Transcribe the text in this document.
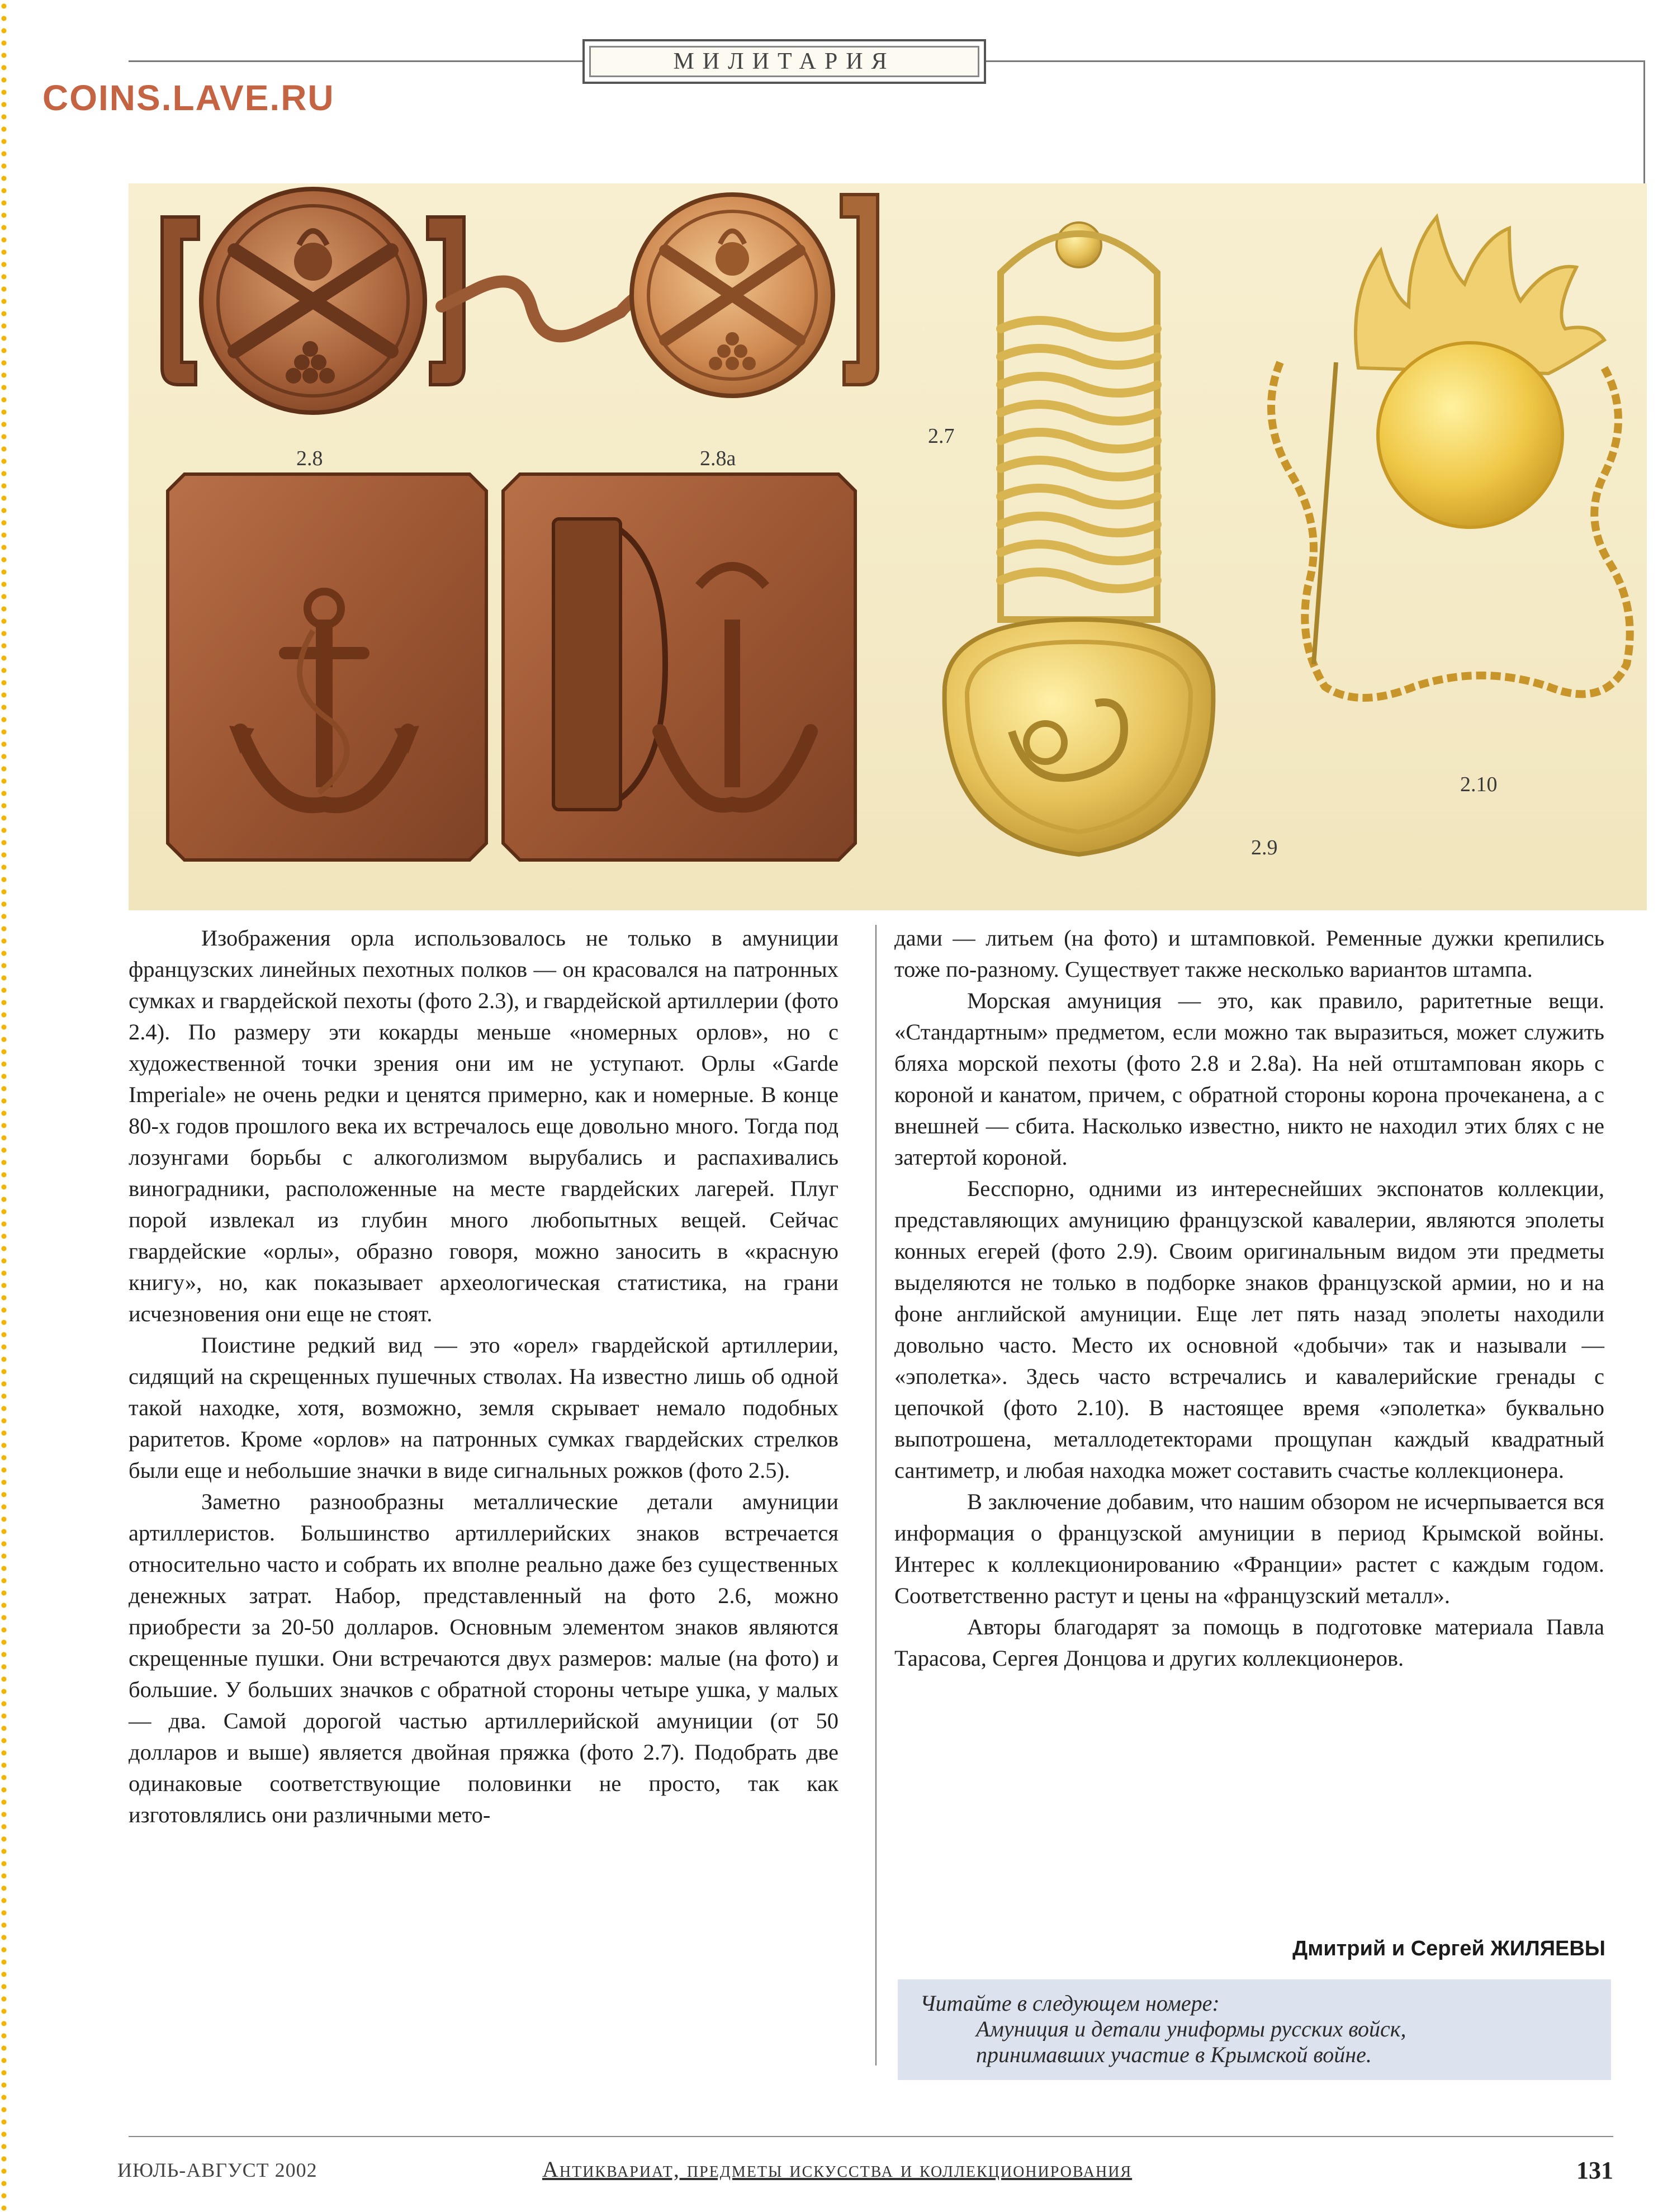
COINS.LAVE.RU
МИЛИТАРИЯ
2.7
2.8	2.8а
2.9
2.10

Изображения орла использовалось не только в амуниции французских линейных пехотных полков — он красовался на патронных сумках и гвардейской пехоты (фото 2.3), и гвардейской артиллерии (фото 2.4). По размеру эти кокарды меньше «номерных орлов», но с художественной точки зрения они им не уступают. Орлы «Garde Imperiale» не очень редки и ценятся примерно, как и номерные. В конце 80-х годов прошлого века их встречалось еще довольно много. Тогда под лозунгами борьбы с алкоголизмом вырубались и распахивались виноградники, расположенные на месте гвардейских лагерей. Плуг порой извлекал из глубин много любопытных вещей. Сейчас гвардейские «орлы», образно говоря, можно заносить в «красную книгу», но, как показывает археологическая статистика, на грани исчезновения они еще не стоят.

Поистине редкий вид — это «орел» гвардейской артиллерии, сидящий на скрещенных пушечных стволах. На известно лишь об одной такой находке, хотя, возможно, земля скрывает немало подобных раритетов. Кроме «орлов» на патронных сумках гвардейских стрелков были еще и небольшие значки в виде сигнальных рожков (фото 2.5).

Заметно разнообразны металлические детали амуниции артиллеристов. Большинство артиллерийских знаков встречается относительно часто и собрать их вполне реально даже без существенных денежных затрат. Набор, представленный на фото 2.6, можно приобрести за 20-50 долларов. Основным элементом знаков являются скрещенные пушки. Они встречаются двух размеров: малые (на фото) и большие. У больших значков с обратной стороны четыре ушка, у малых — два. Самой дорогой частью артиллерийской амуниции (от 50 долларов и выше) является двойная пряжка (фото 2.7). Подобрать две одинаковые соответствующие половинки не просто, так как изготовлялись они различными мето-

дами — литьем (на фото) и штамповкой. Ременные дужки крепились тоже по-разному. Существует также несколько вариантов штампа.

Морская амуниция — это, как правило, раритетные вещи. «Стандартным» предметом, если можно так выразиться, может служить бляха морской пехоты (фото 2.8 и 2.8а). На ней отштампован якорь с короной и канатом, причем, с обратной стороны корона прочеканена, а с внешней — сбита. Насколько известно, никто не находил этих блях с не затертой короной.

Бесспорно, одними из интереснейших экспонатов коллекции, представляющих амуницию французской кавалерии, являются эполеты конных егерей (фото 2.9). Своим оригинальным видом эти предметы выделяются не только в подборке знаков французской армии, но и на фоне английской амуниции. Еще лет пять назад эполеты находили довольно часто. Место их основной «добычи» так и называли — «эполетка». Здесь часто встречались и кавалерийские гренады с цепочкой (фото 2.10). В настоящее время «эполетка» буквально выпотрошена, металлодетекторами прощупан каждый квадратный сантиметр, и любая находка может составить счастье коллекционера.

В заключение добавим, что нашим обзором не исчерпывается вся информация о французской амуниции в период Крымской войны. Интерес к коллекционированию «Франции» растет с каждым годом. Соответственно растут и цены на «французский металл».

Авторы благодарят за помощь в подготовке материала Павла Тарасова, Сергея Донцова и других коллекционеров.

Дмитрий и Сергей ЖИЛЯЕВЫ
Читайте в следующем номере:
Амуниция и детали униформы русских войск,
принимавших участие в Крымской войне.
ИЮЛЬ-АВГУСТ 2002	Антиквариат, предметы искусства и коллекционирования	131
